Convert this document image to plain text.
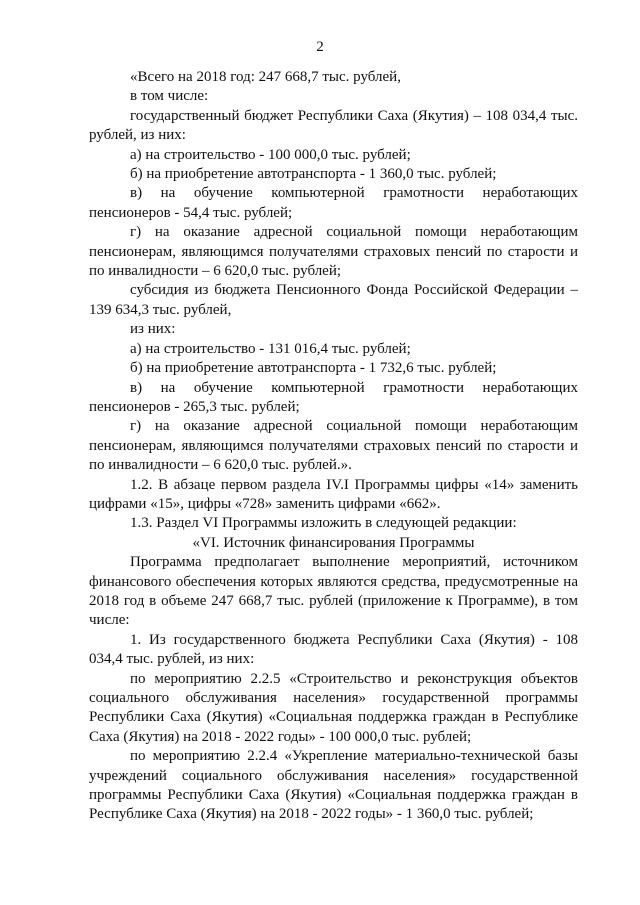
2

«Всего на 2018 год: 247 668,7 тыс. рублей,

в том числе:

государственный бюджет Республики Саха (Якутия) – 108 034,4 тыс. рублей, из них:

а) на строительство - 100 000,0 тыс. рублей;

б) на приобретение автотранспорта - 1 360,0 тыс. рублей;

в) на обучение компьютерной грамотности неработающих пенсионеров - 54,4 тыс. рублей;

г) на оказание адресной социальной помощи неработающим пенсионерам, являющимся получателями страховых пенсий по старости и по инвалидности – 6 620,0 тыс. рублей;

субсидия из бюджета Пенсионного Фонда Российской Федерации – 139 634,3 тыс. рублей,

из них:

а) на строительство - 131 016,4 тыс. рублей;

б) на приобретение автотранспорта - 1 732,6 тыс. рублей;

в) на обучение компьютерной грамотности неработающих пенсионеров - 265,3 тыс. рублей;

г) на оказание адресной социальной помощи неработающим пенсионерам, являющимся получателями страховых пенсий по старости и по инвалидности – 6 620,0 тыс. рублей.».

1.2. В абзаце первом раздела IV.I Программы цифры «14» заменить цифрами «15», цифры «728» заменить цифрами «662».

1.3. Раздел VI Программы изложить в следующей редакции:

«VI. Источник финансирования Программы

Программа предполагает выполнение мероприятий, источником финансового обеспечения которых являются средства, предусмотренные на 2018 год в объеме 247 668,7 тыс. рублей (приложение к Программе), в том числе:

1. Из государственного бюджета Республики Саха (Якутия) - 108 034,4 тыс. рублей, из них:

по мероприятию 2.2.5 «Строительство и реконструкция объектов социального обслуживания населения» государственной программы Республики Саха (Якутия) «Социальная поддержка граждан в Республике Саха (Якутия) на 2018 - 2022 годы» - 100 000,0 тыс. рублей;

по мероприятию 2.2.4 «Укрепление материально-технической базы учреждений социального обслуживания населения» государственной программы Республики Саха (Якутия) «Социальная поддержка граждан в Республике Саха (Якутия) на 2018 - 2022 годы» - 1 360,0 тыс. рублей;
